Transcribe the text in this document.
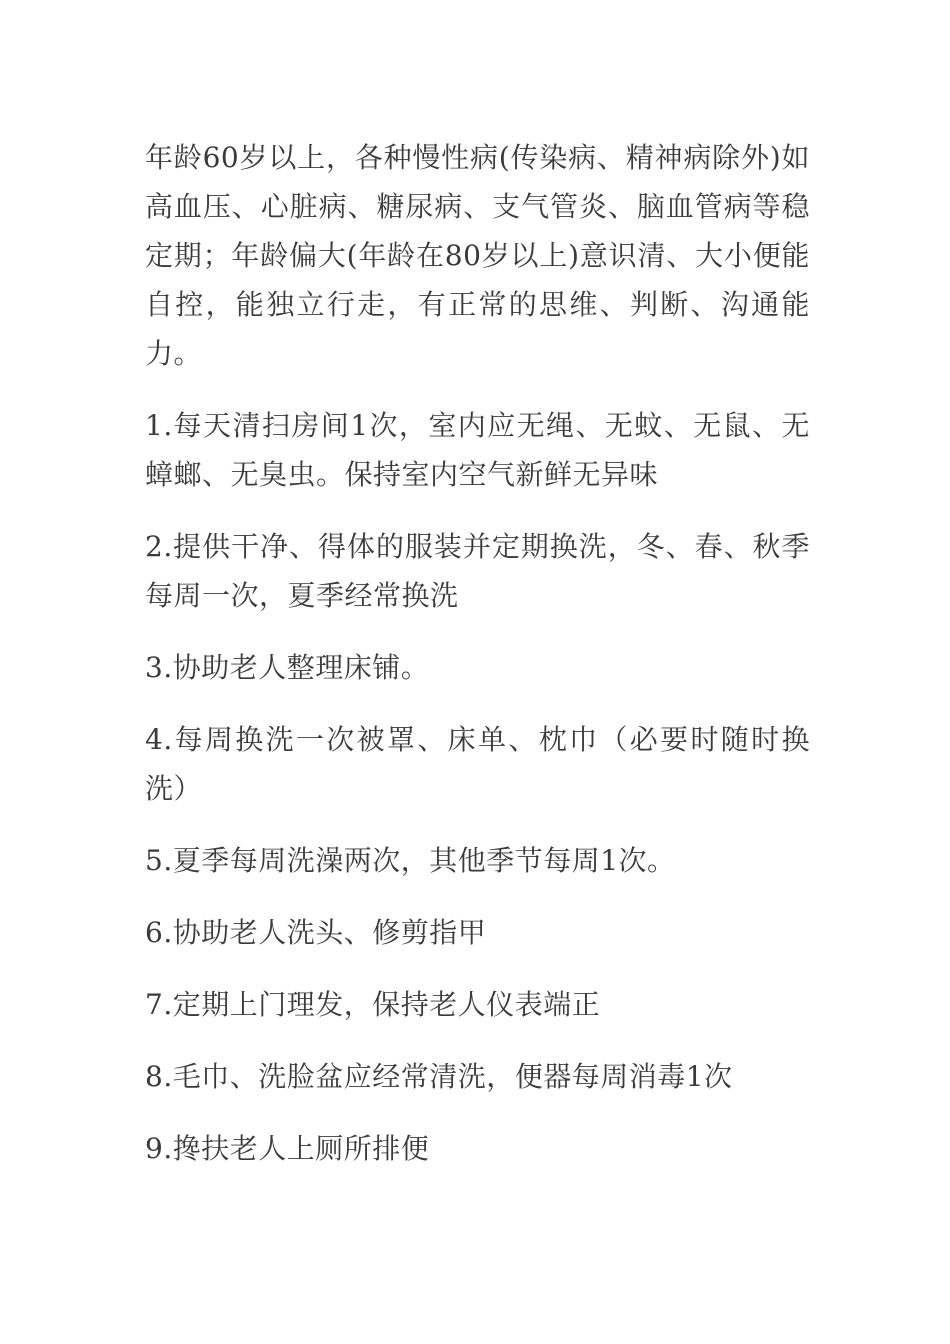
年龄60岁以上，各种慢性病(传染病、精神病除外)如高血压、心脏病、糖尿病、支气管炎、脑血管病等稳定期；年龄偏大(年龄在80岁以上)意识清、大小便能自控，能独立行走，有正常的思维、判断、沟通能力。

1.每天清扫房间1次，室内应无绳、无蚊、无鼠、无蟑螂、无臭虫。保持室内空气新鲜无异味

2.提供干净、得体的服装并定期换洗，冬、春、秋季每周一次，夏季经常换洗

3.协助老人整理床铺。

4.每周换洗一次被罩、床单、枕巾（必要时随时换洗）

5.夏季每周洗澡两次，其他季节每周1次。

6.协助老人洗头、修剪指甲

7.定期上门理发，保持老人仪表端正

8.毛巾、洗脸盆应经常清洗，便器每周消毒1次

9.搀扶老人上厕所排便
